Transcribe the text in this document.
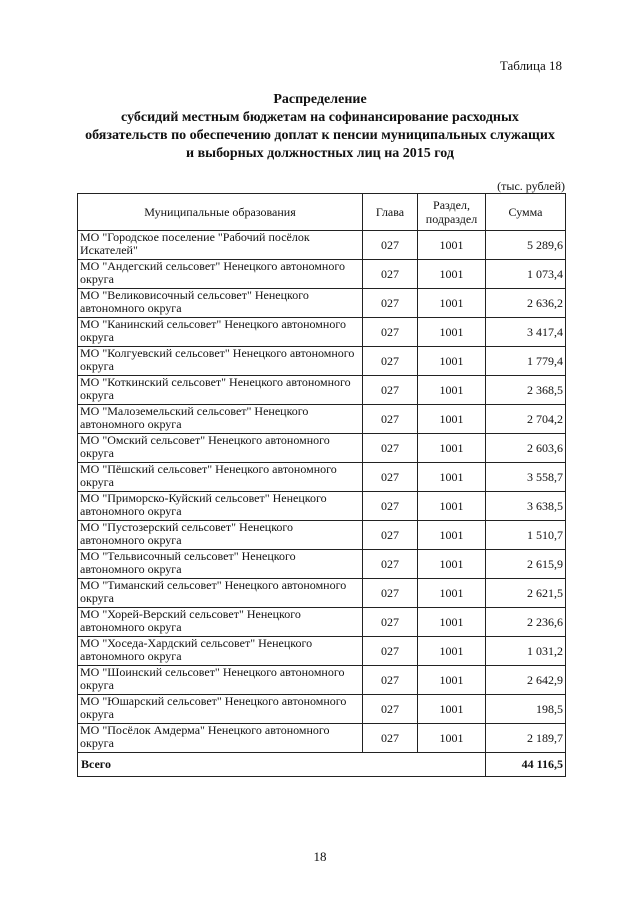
Таблица 18
Распределение
субсидий местным бюджетам на софинансирование расходных
обязательств по обеспечению доплат к пенсии муниципальных служащих
и выборных должностных лиц на 2015 год
(тыс. рублей)
Муниципальные образования	Глава	Раздел,
подраздел	Сумма

МО "Городское поселение "Рабочий посёлок
Искателей"	027	1001	5 289,6

МО "Андегский сельсовет" Ненецкого автономного
округа	027	1001	1 073,4

МО "Великовисочный сельсовет" Ненецкого
автономного округа	027	1001	2 636,2

МО "Канинский сельсовет" Ненецкого автономного
округа	027	1001	3 417,4

МО "Колгуевский сельсовет" Ненецкого автономного
округа	027	1001	1 779,4

МО "Коткинский сельсовет" Ненецкого автономного
округа	027	1001	2 368,5

МО "Малоземельский сельсовет" Ненецкого
автономного округа	027	1001	2 704,2

МО "Омский сельсовет" Ненецкого автономного
округа	027	1001	2 603,6

МО "Пёшский сельсовет" Ненецкого автономного
округа	027	1001	3 558,7

МО "Приморско-Куйский сельсовет" Ненецкого
автономного округа	027	1001	3 638,5

МО "Пустозерский сельсовет" Ненецкого
автономного округа	027	1001	1 510,7

МО "Тельвисочный сельсовет" Ненецкого
автономного округа	027	1001	2 615,9

МО "Тиманский сельсовет" Ненецкого автономного
округа	027	1001	2 621,5

МО "Хорей-Верский сельсовет" Ненецкого
автономного округа	027	1001	2 236,6

МО "Хоседа-Хардский сельсовет" Ненецкого
автономного округа	027	1001	1 031,2

МО "Шоинский сельсовет" Ненецкого автономного
округа	027	1001	2 642,9

МО "Юшарский сельсовет" Ненецкого автономного
округа	027	1001	198,5

МО "Посёлок Амдерма" Ненецкого автономного
округа	027	1001	2 189,7
Всего			44 116,5
18
